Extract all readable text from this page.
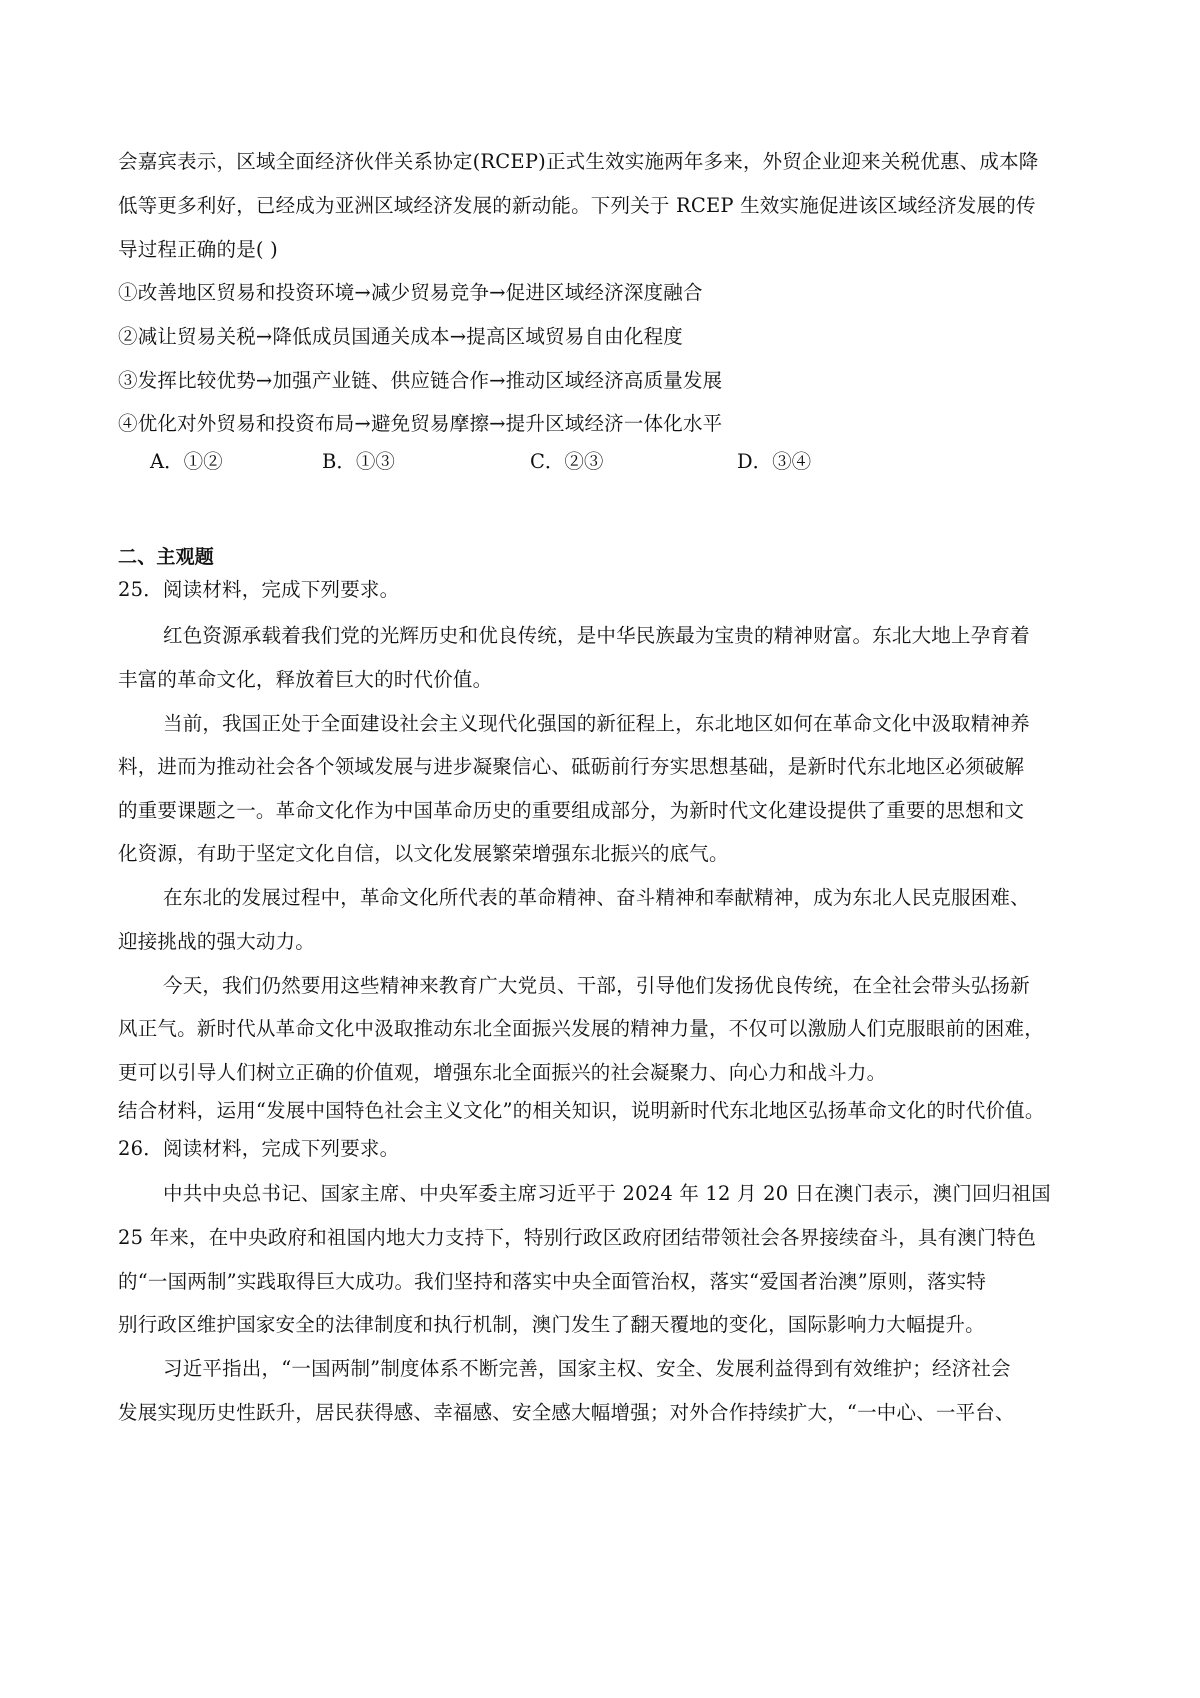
会嘉宾表示，区域全面经济伙伴关系协定(RCEP)正式生效实施两年多来，外贸企业迎来关税优惠、成本降
低等更多利好，已经成为亚洲区域经济发展的新动能。下列关于 RCEP 生效实施促进该区域经济发展的传
导过程正确的是( )
①改善地区贸易和投资环境→减少贸易竞争→促进区域经济深度融合
②减让贸易关税→降低成员国通关成本→提高区域贸易自由化程度
③发挥比较优势→加强产业链、供应链合作→推动区域经济高质量发展
④优化对外贸易和投资布局→避免贸易摩擦→提升区域经济一体化水平
A．①②	B．①③	C．②③	D．③④
二、主观题
25．阅读材料，完成下列要求。
红色资源承载着我们党的光辉历史和优良传统，是中华民族最为宝贵的精神财富。东北大地上孕育着
丰富的革命文化，释放着巨大的时代价值。
当前，我国正处于全面建设社会主义现代化强国的新征程上，东北地区如何在革命文化中汲取精神养
料，进而为推动社会各个领域发展与进步凝聚信心、砥砺前行夯实思想基础，是新时代东北地区必须破解
的重要课题之一。革命文化作为中国革命历史的重要组成部分，为新时代文化建设提供了重要的思想和文
化资源，有助于坚定文化自信，以文化发展繁荣增强东北振兴的底气。
在东北的发展过程中，革命文化所代表的革命精神、奋斗精神和奉献精神，成为东北人民克服困难、
迎接挑战的强大动力。
今天，我们仍然要用这些精神来教育广大党员、干部，引导他们发扬优良传统，在全社会带头弘扬新
风正气。新时代从革命文化中汲取推动东北全面振兴发展的精神力量，不仅可以激励人们克服眼前的困难，
更可以引导人们树立正确的价值观，增强东北全面振兴的社会凝聚力、向心力和战斗力。
结合材料，运用“发展中国特色社会主义文化”的相关知识，说明新时代东北地区弘扬革命文化的时代价值。
26．阅读材料，完成下列要求。
中共中央总书记、国家主席、中央军委主席习近平于 2024 年 12 月 20 日在澳门表示，澳门回归祖国
25 年来，在中央政府和祖国内地大力支持下，特别行政区政府团结带领社会各界接续奋斗，具有澳门特色
的“一国两制”实践取得巨大成功。我们坚持和落实中央全面管治权，落实“爱国者治澳”原则，落实特
别行政区维护国家安全的法律制度和执行机制，澳门发生了翻天覆地的变化，国际影响力大幅提升。
习近平指出，“一国两制”制度体系不断完善，国家主权、安全、发展利益得到有效维护；经济社会
发展实现历史性跃升，居民获得感、幸福感、安全感大幅增强；对外合作持续扩大，“一中心、一平台、
